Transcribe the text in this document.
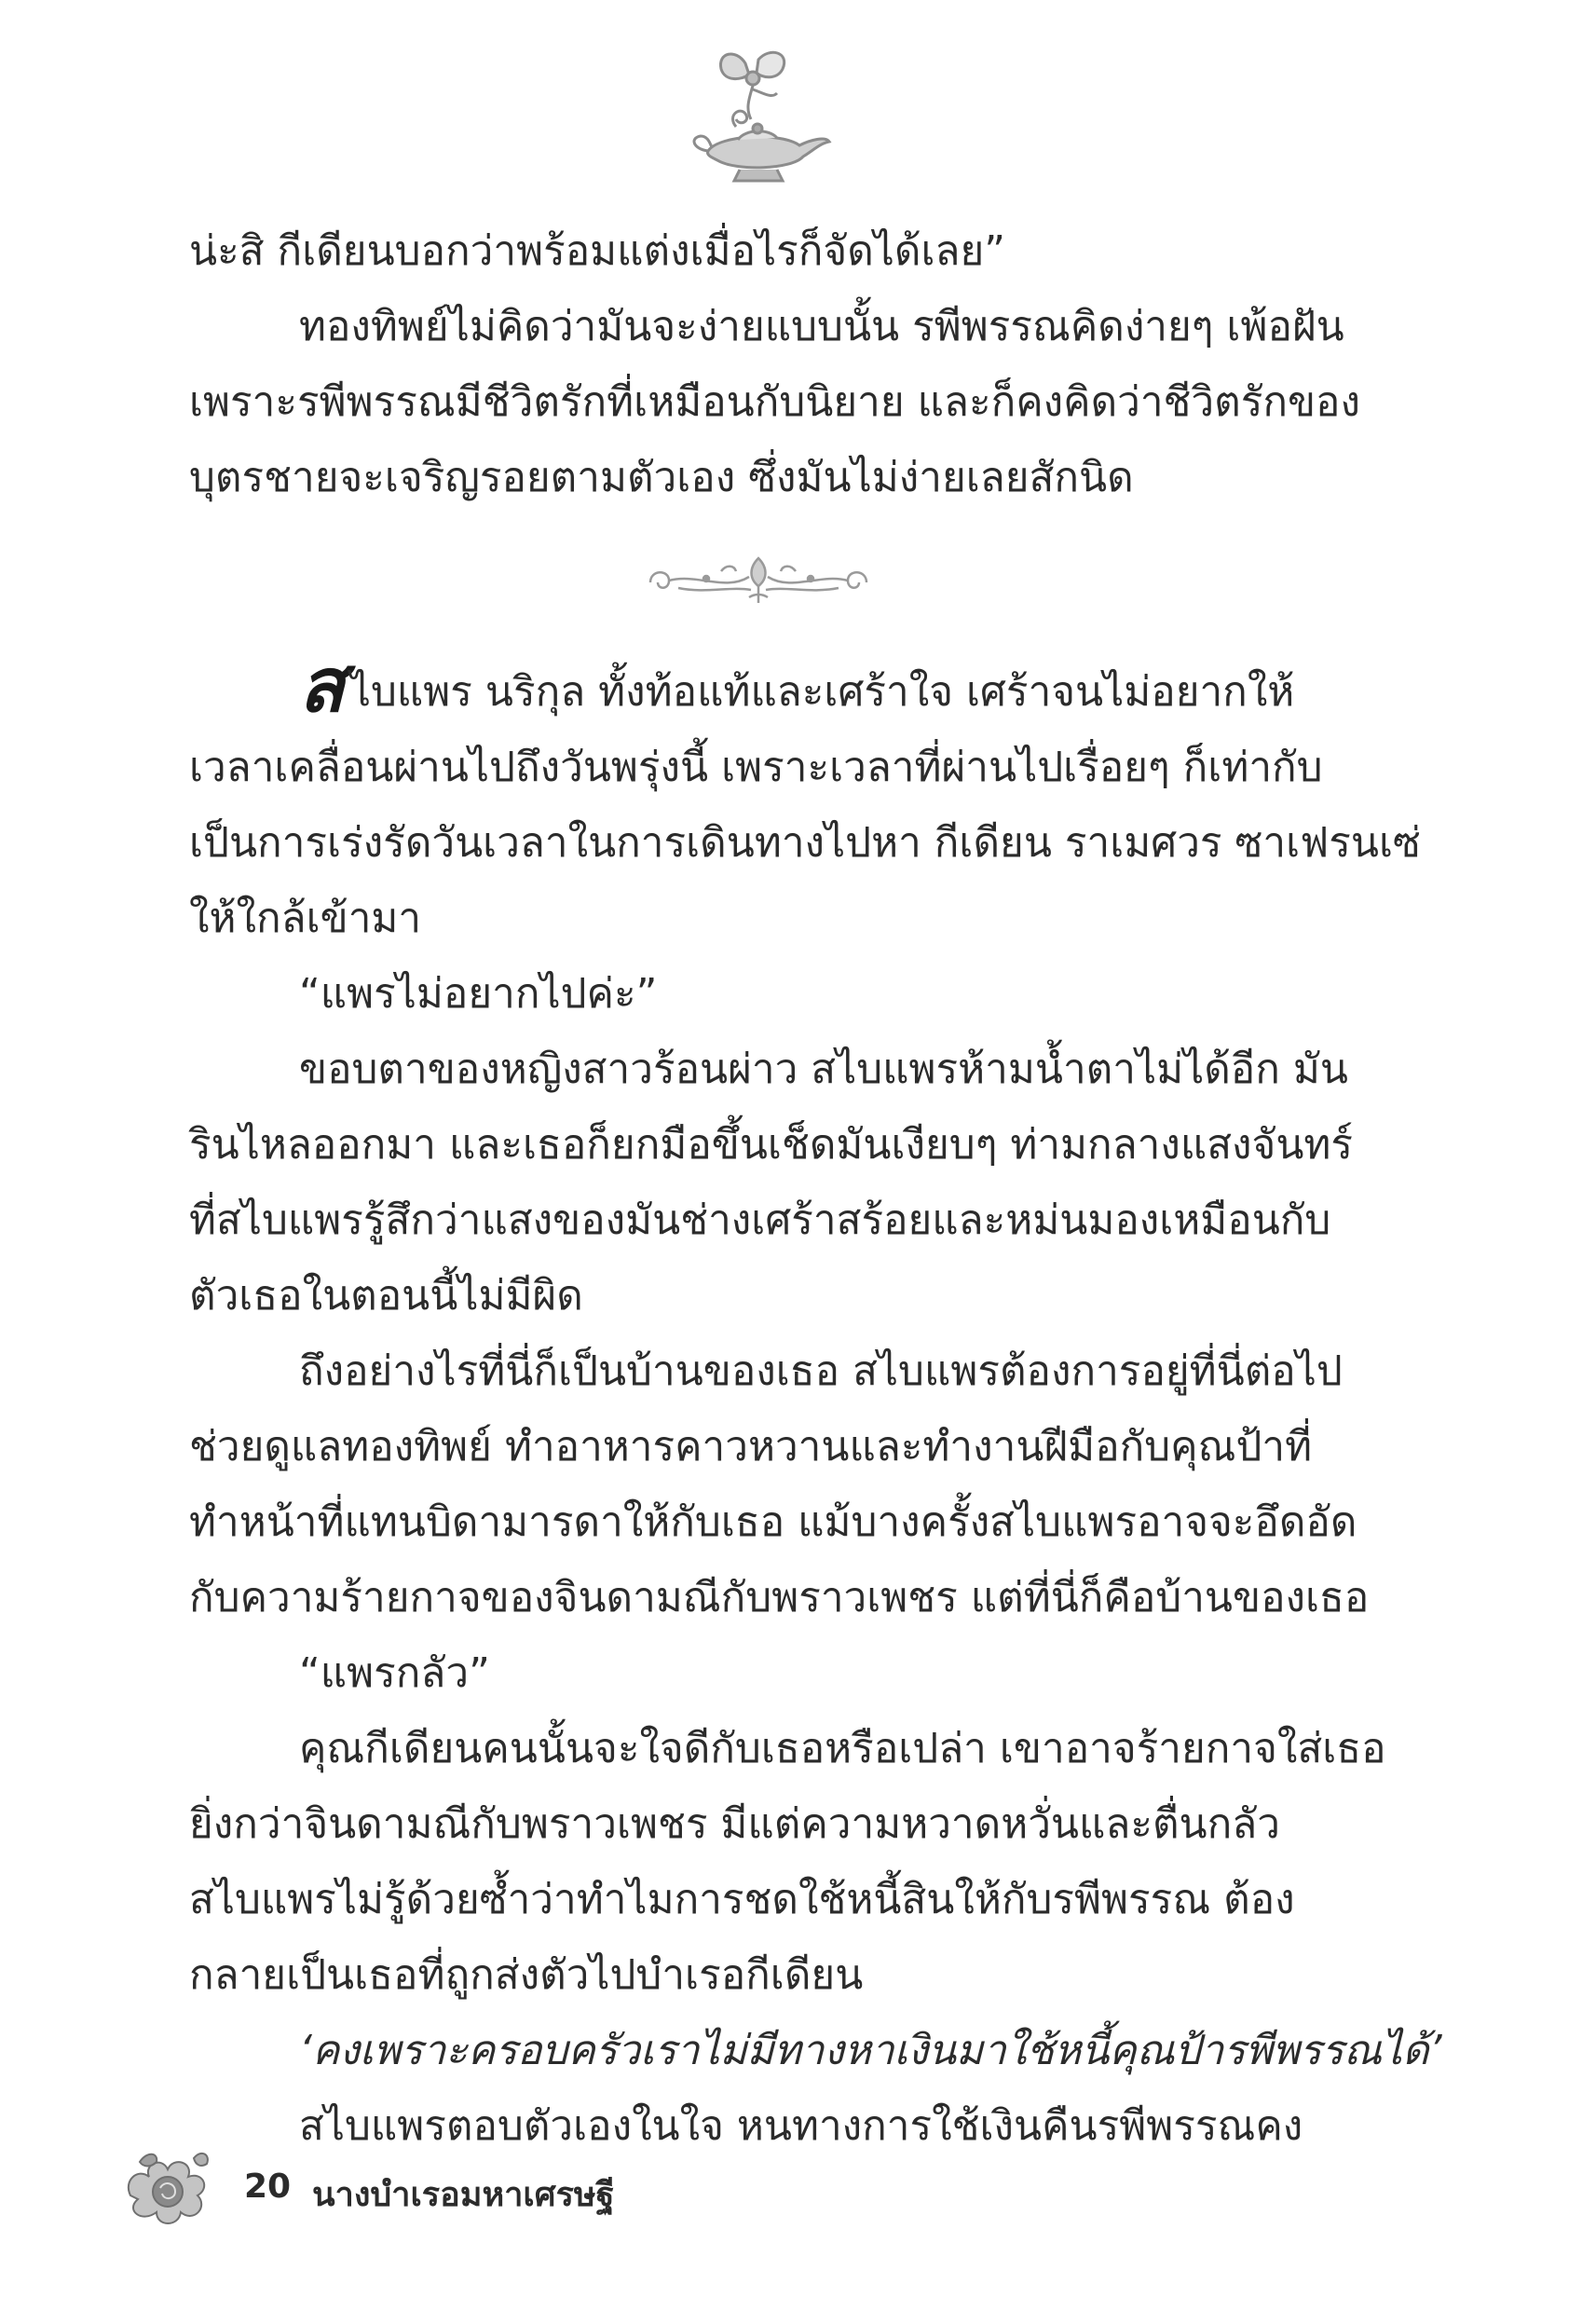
น่ะสิ กีเดียนบอกว่าพร้อมแต่งเมื่อไรก็จัดได้เลย”

ทองทิพย์ไม่คิดว่ามันจะง่ายแบบนั้น รพีพรรณคิดง่ายๆ เพ้อฝัน

เพราะรพีพรรณมีชีวิตรักที่เหมือนกับนิยาย และก็คงคิดว่าชีวิตรักของ

บุตรชายจะเจริญรอยตามตัวเอง ซึ่งมันไม่ง่ายเลยสักนิด

สไบแพร นริกุล ทั้งท้อแท้และเศร้าใจ เศร้าจนไม่อยากให้

เวลาเคลื่อนผ่านไปถึงวันพรุ่งนี้ เพราะเวลาที่ผ่านไปเรื่อยๆ ก็เท่ากับ

เป็นการเร่งรัดวันเวลาในการเดินทางไปหา กีเดียน ราเมศวร ซาเฟรนเซ่

ให้ใกล้เข้ามา

“แพรไม่อยากไปค่ะ”

ขอบตาของหญิงสาวร้อนผ่าว สไบแพรห้ามน้ำตาไม่ได้อีก มัน

รินไหลออกมา และเธอก็ยกมือขึ้นเช็ดมันเงียบๆ ท่ามกลางแสงจันทร์

ที่สไบแพรรู้สึกว่าแสงของมันช่างเศร้าสร้อยและหม่นมองเหมือนกับ

ตัวเธอในตอนนี้ไม่มีผิด

ถึงอย่างไรที่นี่ก็เป็นบ้านของเธอ สไบแพรต้องการอยู่ที่นี่ต่อไป

ช่วยดูแลทองทิพย์ ทำอาหารคาวหวานและทำงานฝีมือกับคุณป้าที่

ทำหน้าที่แทนบิดามารดาให้กับเธอ แม้บางครั้งสไบแพรอาจจะอึดอัด

กับความร้ายกาจของจินดามณีกับพราวเพชร แต่ที่นี่ก็คือบ้านของเธอ

“แพรกลัว”

คุณกีเดียนคนนั้นจะใจดีกับเธอหรือเปล่า เขาอาจร้ายกาจใส่เธอ

ยิ่งกว่าจินดามณีกับพราวเพชร มีแต่ความหวาดหวั่นและตื่นกลัว

สไบแพรไม่รู้ด้วยซ้ำว่าทำไมการชดใช้หนี้สินให้กับรพีพรรณ ต้อง

กลายเป็นเธอที่ถูกส่งตัวไปบำเรอกีเดียน

‘คงเพราะครอบครัวเราไม่มีทางหาเงินมาใช้หนี้คุณป้ารพีพรรณได้’

สไบแพรตอบตัวเองในใจ หนทางการใช้เงินคืนรพีพรรณคง

20 นางบำเรอมหาเศรษฐี
